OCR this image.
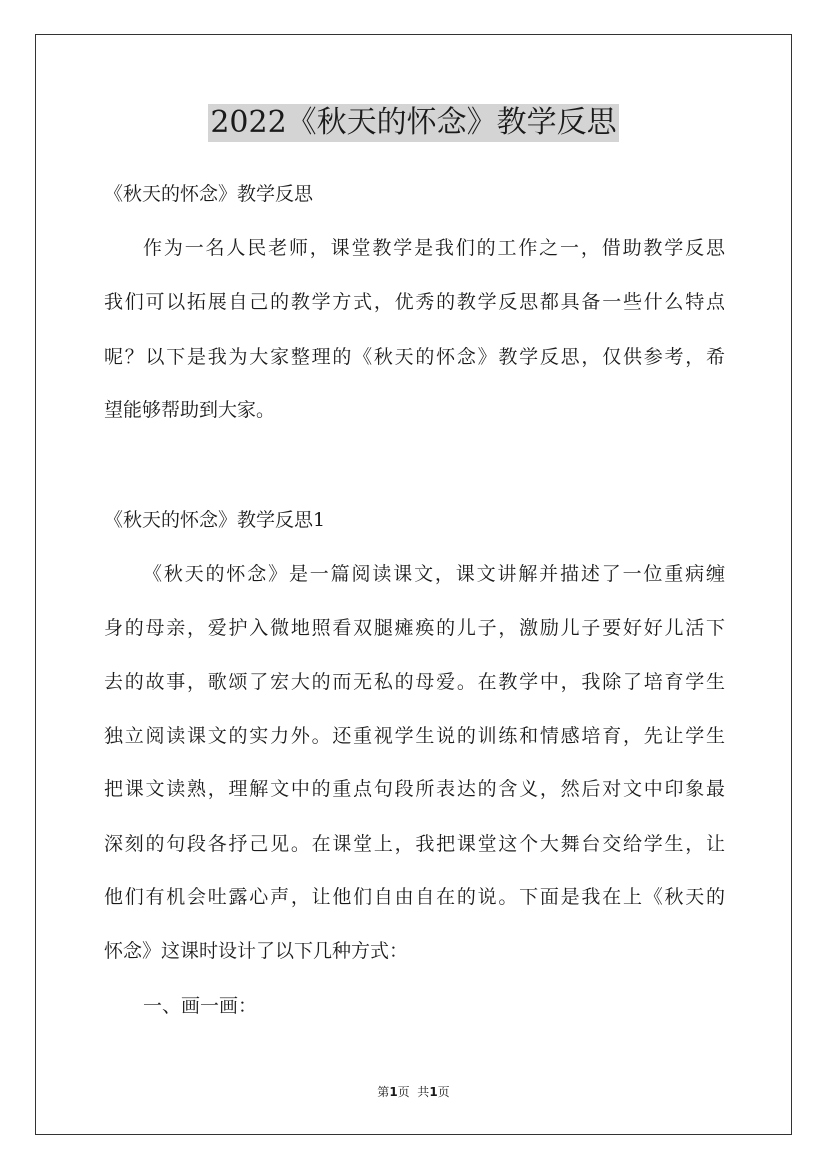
2022《秋天的怀念》教学反思
《秋天的怀念》教学反思
作为一名人民老师，课堂教学是我们的工作之一，借助教学反思
我们可以拓展自己的教学方式，优秀的教学反思都具备一些什么特点
呢？以下是我为大家整理的《秋天的怀念》教学反思，仅供参考，希
望能够帮助到大家。
《秋天的怀念》教学反思1
《秋天的怀念》是一篇阅读课文，课文讲解并描述了一位重病缠
身的母亲，爱护入微地照看双腿瘫痪的儿子，激励儿子要好好儿活下
去的故事，歌颂了宏大的而无私的母爱。在教学中，我除了培育学生
独立阅读课文的实力外。还重视学生说的训练和情感培育，先让学生
把课文读熟，理解文中的重点句段所表达的含义，然后对文中印象最
深刻的句段各抒己见。在课堂上，我把课堂这个大舞台交给学生，让
他们有机会吐露心声，让他们自由自在的说。下面是我在上《秋天的
怀念》这课时设计了以下几种方式：
一、画一画：
第1页  共1页
